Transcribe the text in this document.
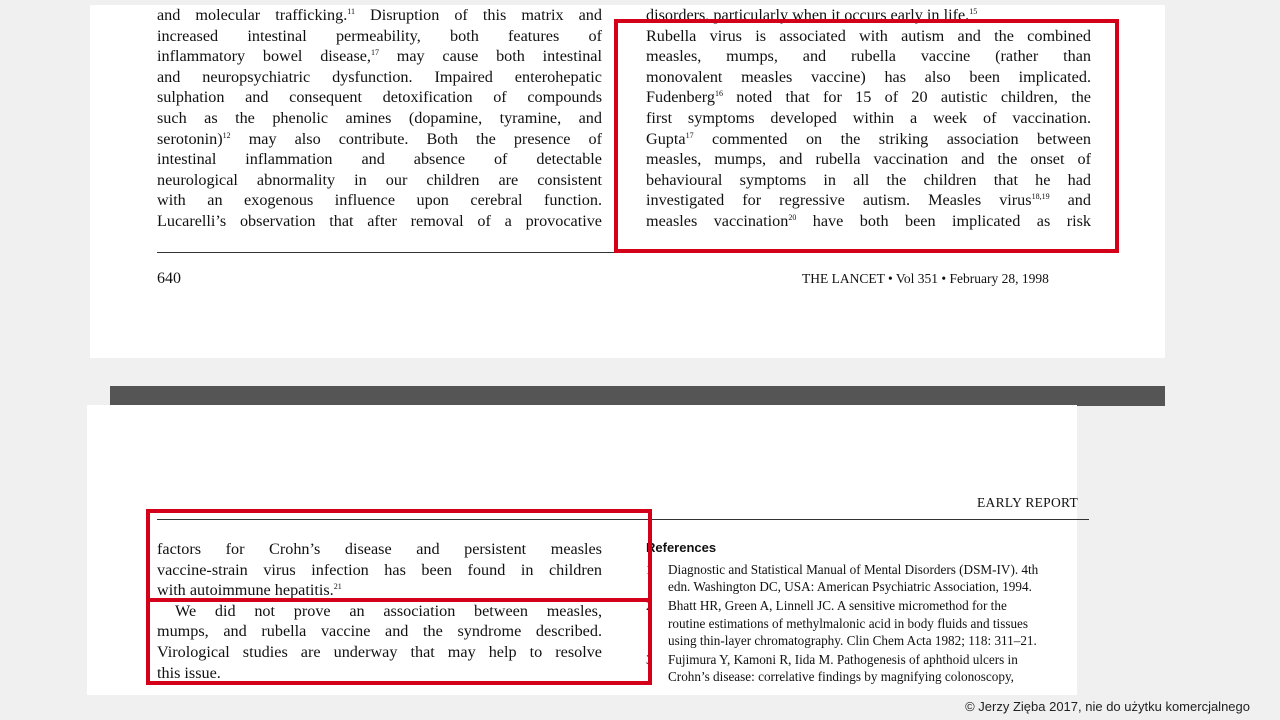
and molecular trafficking.$^{11}$ Disruption of this matrix and
increased intestinal permeability, both features of
inflammatory bowel disease,$^{17}$ may cause both intestinal
and neuropsychiatric dysfunction. Impaired enterohepatic
sulphation and consequent detoxification of compounds
such as the phenolic amines (dopamine, tyramine, and
serotonin)$^{12}$ may also contribute. Both the presence of
intestinal inflammation and absence of detectable
neurological abnormality in our children are consistent
with an exogenous influence upon cerebral function.
Lucarelli’s observation that after removal of a provocative
disorders, particularly when it occurs early in life.$^{15}$
Rubella virus is associated with autism and the combined
measles, mumps, and rubella vaccine (rather than
monovalent measles vaccine) has also been implicated.
Fudenberg$^{16}$ noted that for 15 of 20 autistic children, the
first symptoms developed within a week of vaccination.
Gupta$^{17}$ commented on the striking association between
measles, mumps, and rubella vaccination and the onset of
behavioural symptoms in all the children that he had
investigated for regressive autism. Measles virus$^{18,19}$ and
measles vaccination$^{20}$ have both been implicated as risk
640	THE LANCET • Vol 351 • February 28, 1998
EARLY REPORT
factors for Crohn’s disease and persistent measles
vaccine-strain virus infection has been found in children
with autoimmune hepatitis.$^{21}$
We did not prove an association between measles,
mumps, and rubella vaccine and the syndrome described.
Virological studies are underway that may help to resolve
this issue.
References
1 Diagnostic and Statistical Manual of Mental Disorders (DSM-IV). 4th
edn. Washington DC, USA: American Psychiatric Association, 1994.
2 Bhatt HR, Green A, Linnell JC. A sensitive micromethod for the
routine estimations of methylmalonic acid in body fluids and tissues
using thin-layer chromatography. Clin Chem Acta 1982; 118: 311–21.
3 Fujimura Y, Kamoni R, Iida M. Pathogenesis of aphthoid ulcers in
Crohn’s disease: correlative findings by magnifying colonoscopy,
© Jerzy Zięba 2017, nie do użytku komercjalnego
